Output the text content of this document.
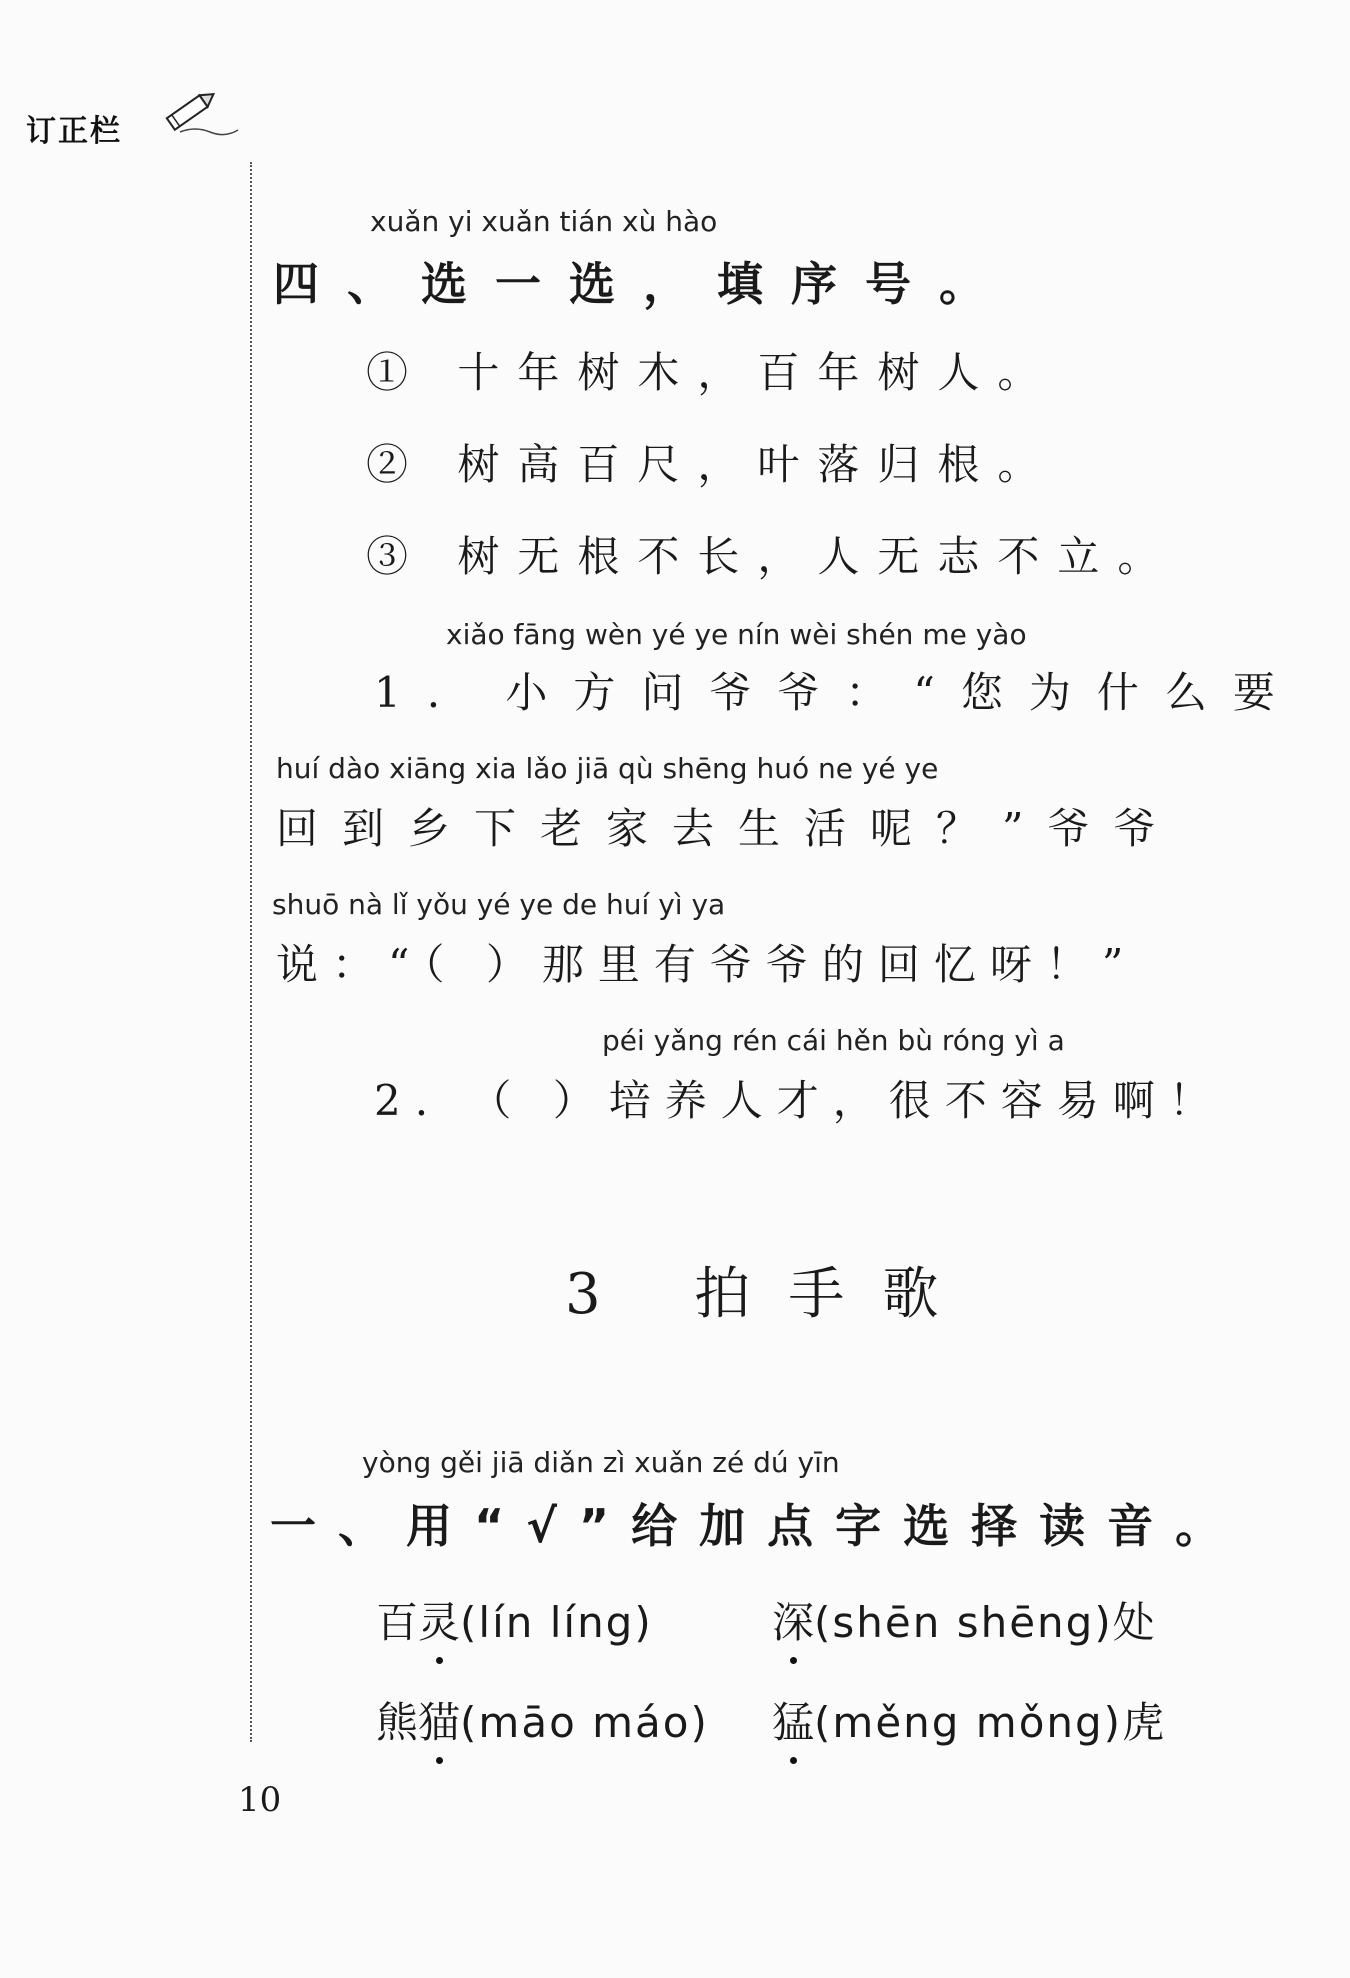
订正栏
xuǎn yi xuǎn tián xù hào
四、选一选，填序号。
① 十年树木，百年树人。
② 树高百尺，叶落归根。
③ 树无根不长，人无志不立。
xiǎo fāng wèn yé ye nín wèi shén me yào
1. 小方问爷爷：“您为什么要
huí dào xiāng xia lǎo jiā qù shēng huó ne yé ye
回到乡下老家去生活呢？”爷爷
shuō nà lǐ yǒu yé ye de huí yì ya
说：“（ ）那里有爷爷的回忆呀！”
péi yǎng rén cái hěn bù róng yì a
2. （ ）培养人才，很不容易啊！
3 拍手歌
yòng gěi jiā diǎn zì xuǎn zé dú yīn
一、用“√”给加点字选择读音。
百灵(lín líng)	深(shēn shēng)处
熊猫(māo máo) 猛(měng mǒng)虎
10
